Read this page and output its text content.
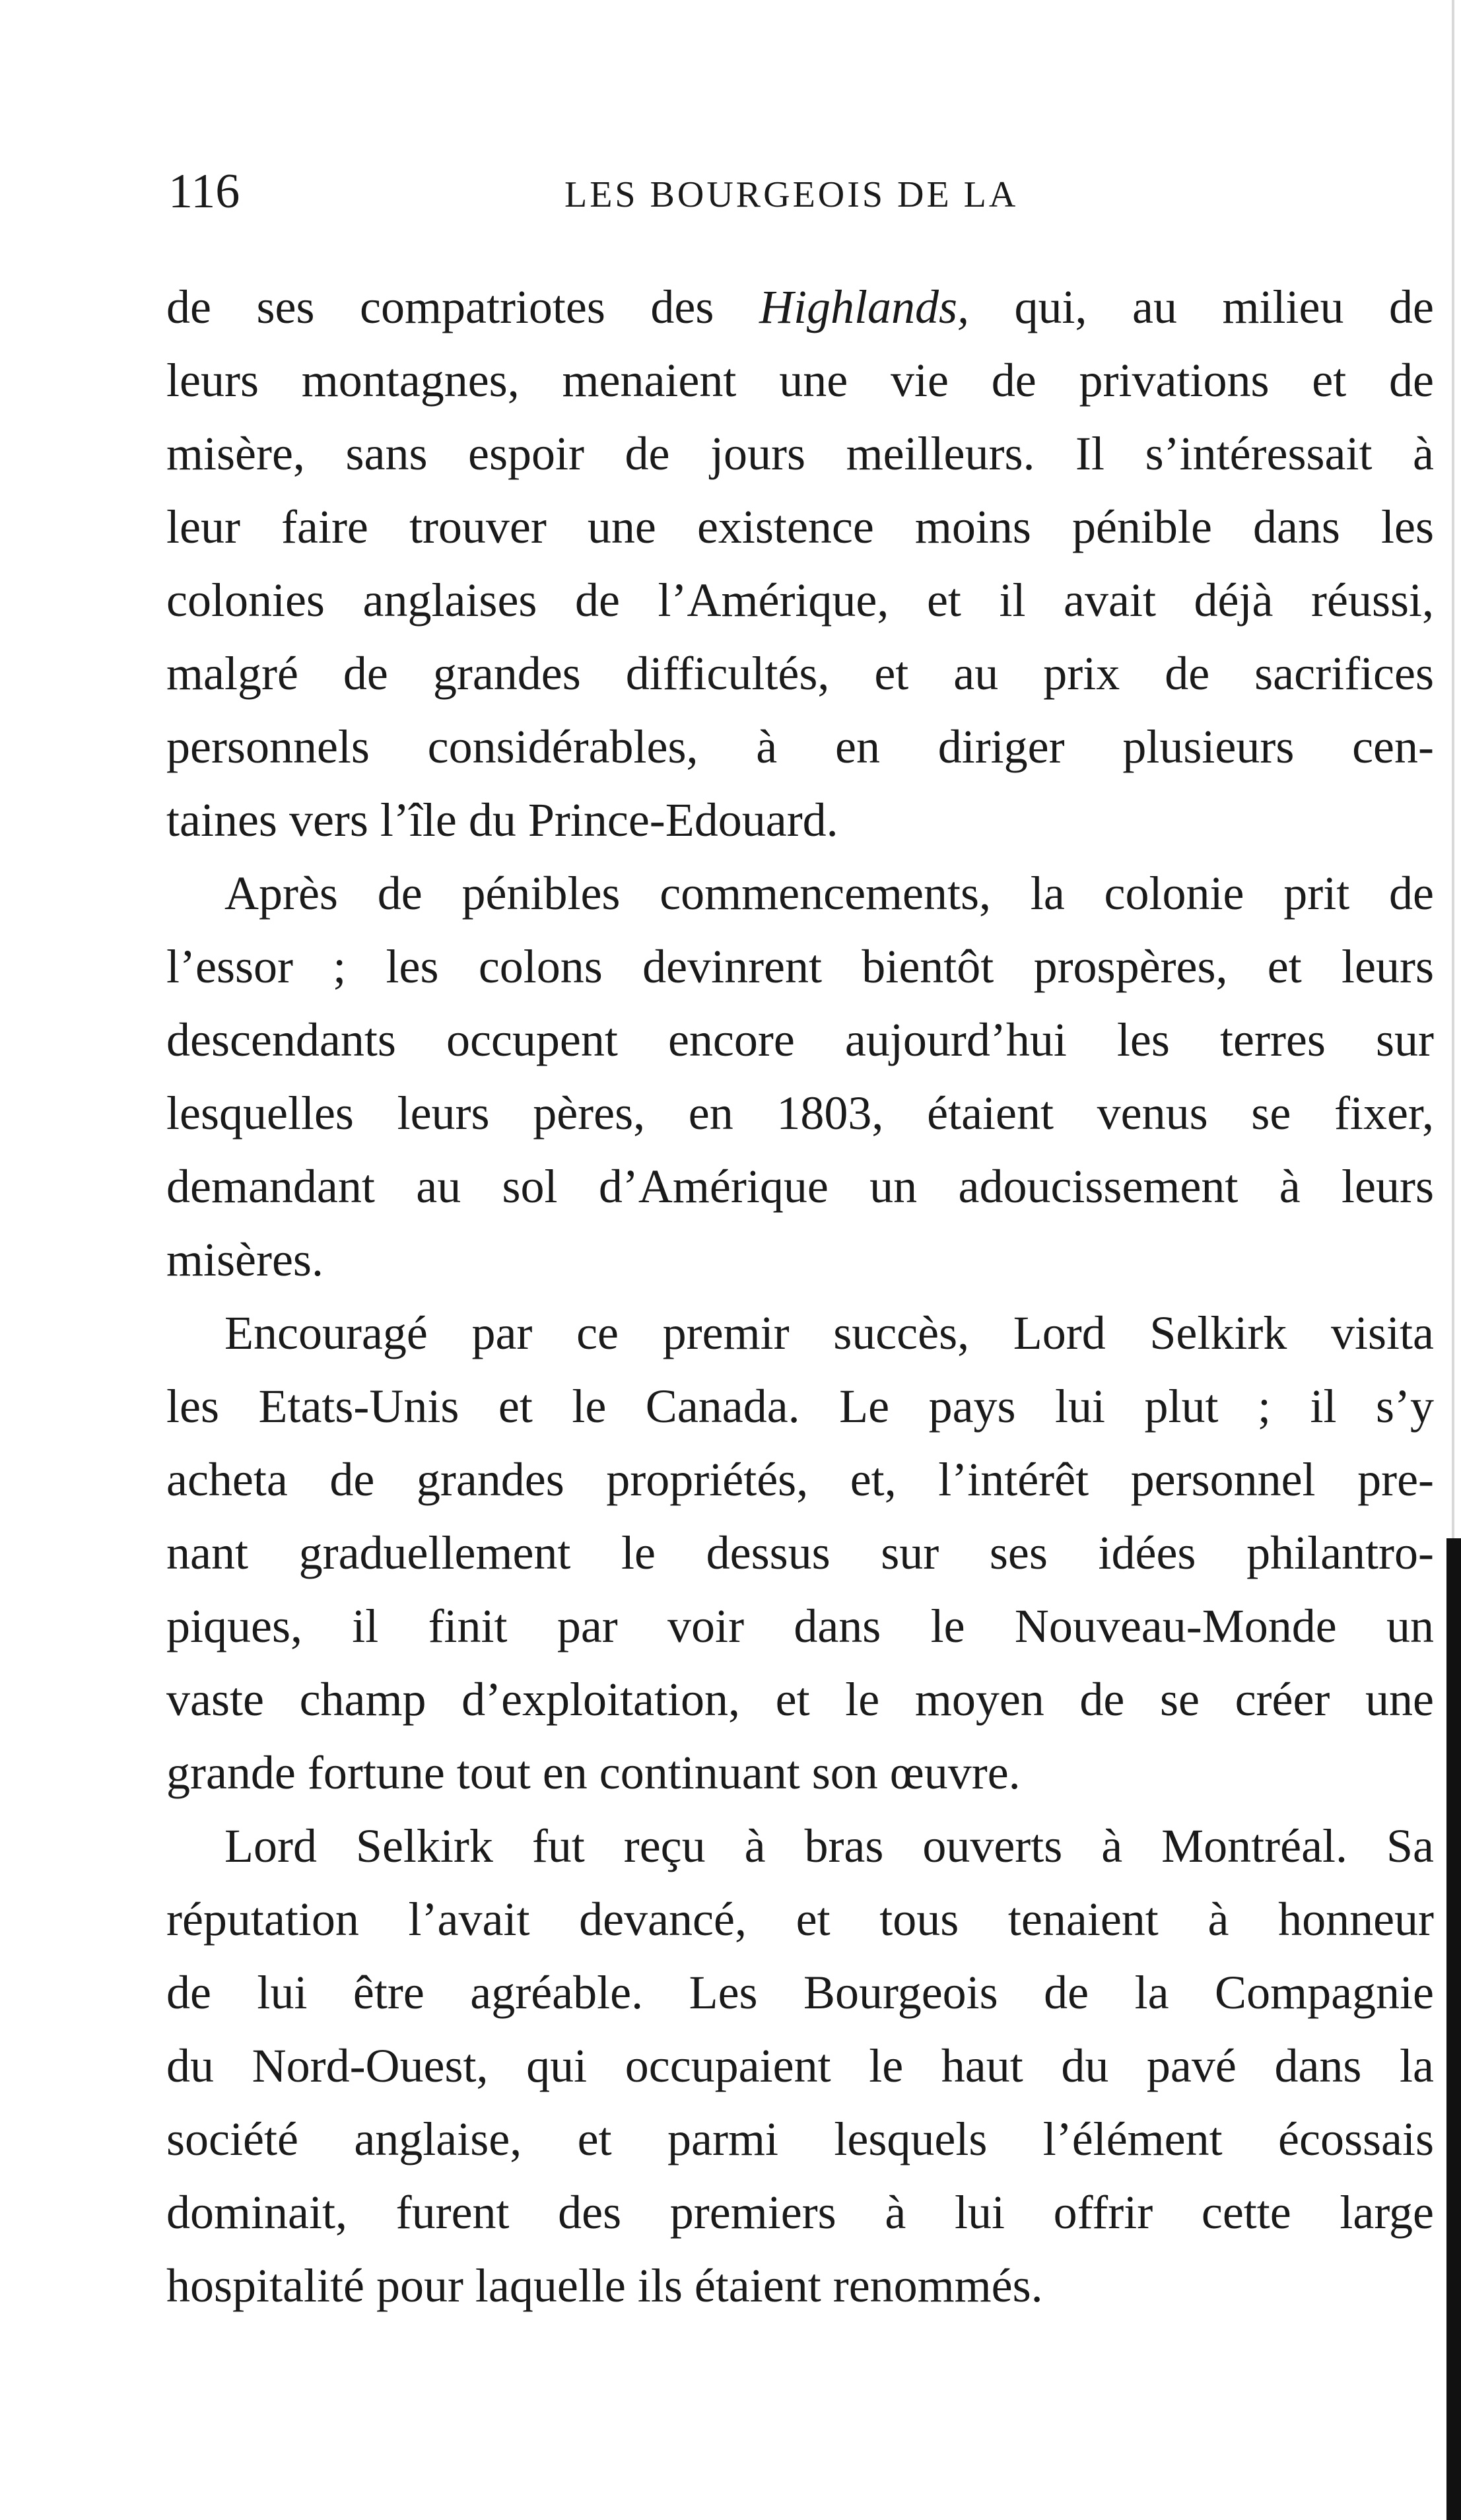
116	LES BOURGEOIS DE LA

de ses compatriotes des Highlands, qui, au milieu de
leurs montagnes, menaient une vie de privations et de
misère, sans espoir de jours meilleurs. Il s’intéressait à
leur faire trouver une existence moins pénible dans les
colonies anglaises de l’Amérique, et il avait déjà réussi,
malgré de grandes difficultés, et au prix de sacrifices
personnels considérables, à en diriger plusieurs cen-
taines vers l’île du Prince-Edouard.

Après de pénibles commencements, la colonie prit de
l’essor ; les colons devinrent bientôt prospères, et leurs
descendants occupent encore aujourd’hui les terres sur
lesquelles leurs pères, en 1803, étaient venus se fixer,
demandant au sol d’Amérique un adoucissement à leurs
misères.

Encouragé par ce premir succès, Lord Selkirk visita
les Etats-Unis et le Canada. Le pays lui plut ; il s’y
acheta de grandes propriétés, et, l’intérêt personnel pre-
nant graduellement le dessus sur ses idées philantro-
piques, il finit par voir dans le Nouveau-Monde un
vaste champ d’exploitation, et le moyen de se créer une
grande fortune tout en continuant son œuvre.

Lord Selkirk fut reçu à bras ouverts à Montréal. Sa
réputation l’avait devancé, et tous tenaient à honneur
de lui être agréable. Les Bourgeois de la Compagnie
du Nord-Ouest, qui occupaient le haut du pavé dans la
société anglaise, et parmi lesquels l’élément écossais
dominait, furent des premiers à lui offrir cette large
hospitalité pour laquelle ils étaient renommés.
